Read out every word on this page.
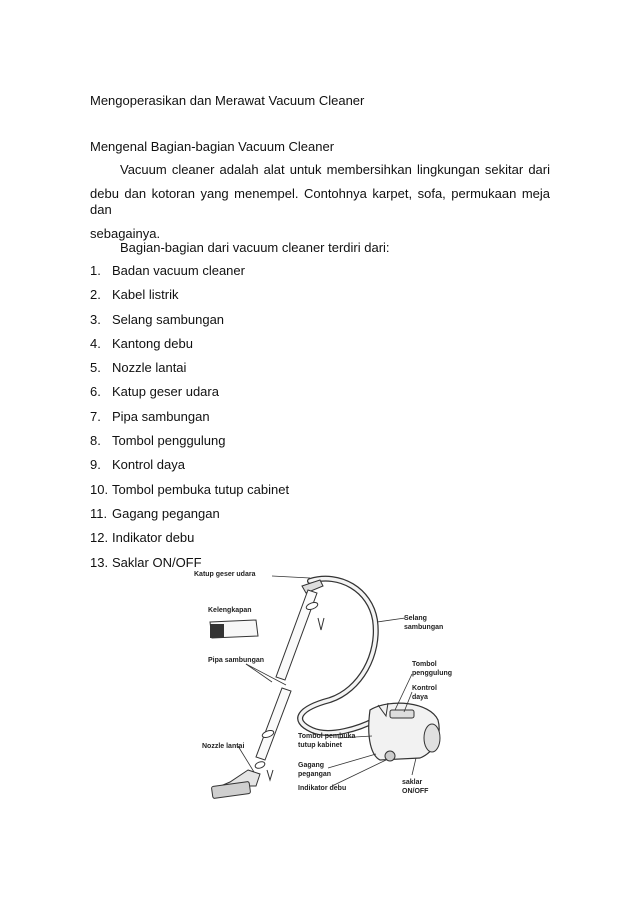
Mengoperasikan dan Merawat Vacuum Cleaner
Mengenal Bagian-bagian Vacuum Cleaner
Vacuum cleaner adalah alat untuk membersihkan lingkungan sekitar dari
debu dan kotoran yang menempel. Contohnya karpet, sofa, permukaan meja dan
sebagainya.
Bagian-bagian dari vacuum cleaner terdiri dari:
1. Badan vacuum cleaner
2. Kabel listrik
3. Selang sambungan
4. Kantong debu
5. Nozzle lantai
6. Katup geser udara
7. Pipa sambungan
8. Tombol penggulung
9. Kontrol daya
10. Tombol pembuka tutup cabinet
11. Gagang pegangan
12. Indikator debu
13. Saklar ON/OFF
Katup geser udara
Kelengkapan
Pipa sambungan
Nozzle lantai
Selang
sambungan
Tombol
penggulung
Kontrol
daya
Tombol pembuka
tutup kabinet
Gagang
pegangan
Indikator debu
saklar
ON/OFF
